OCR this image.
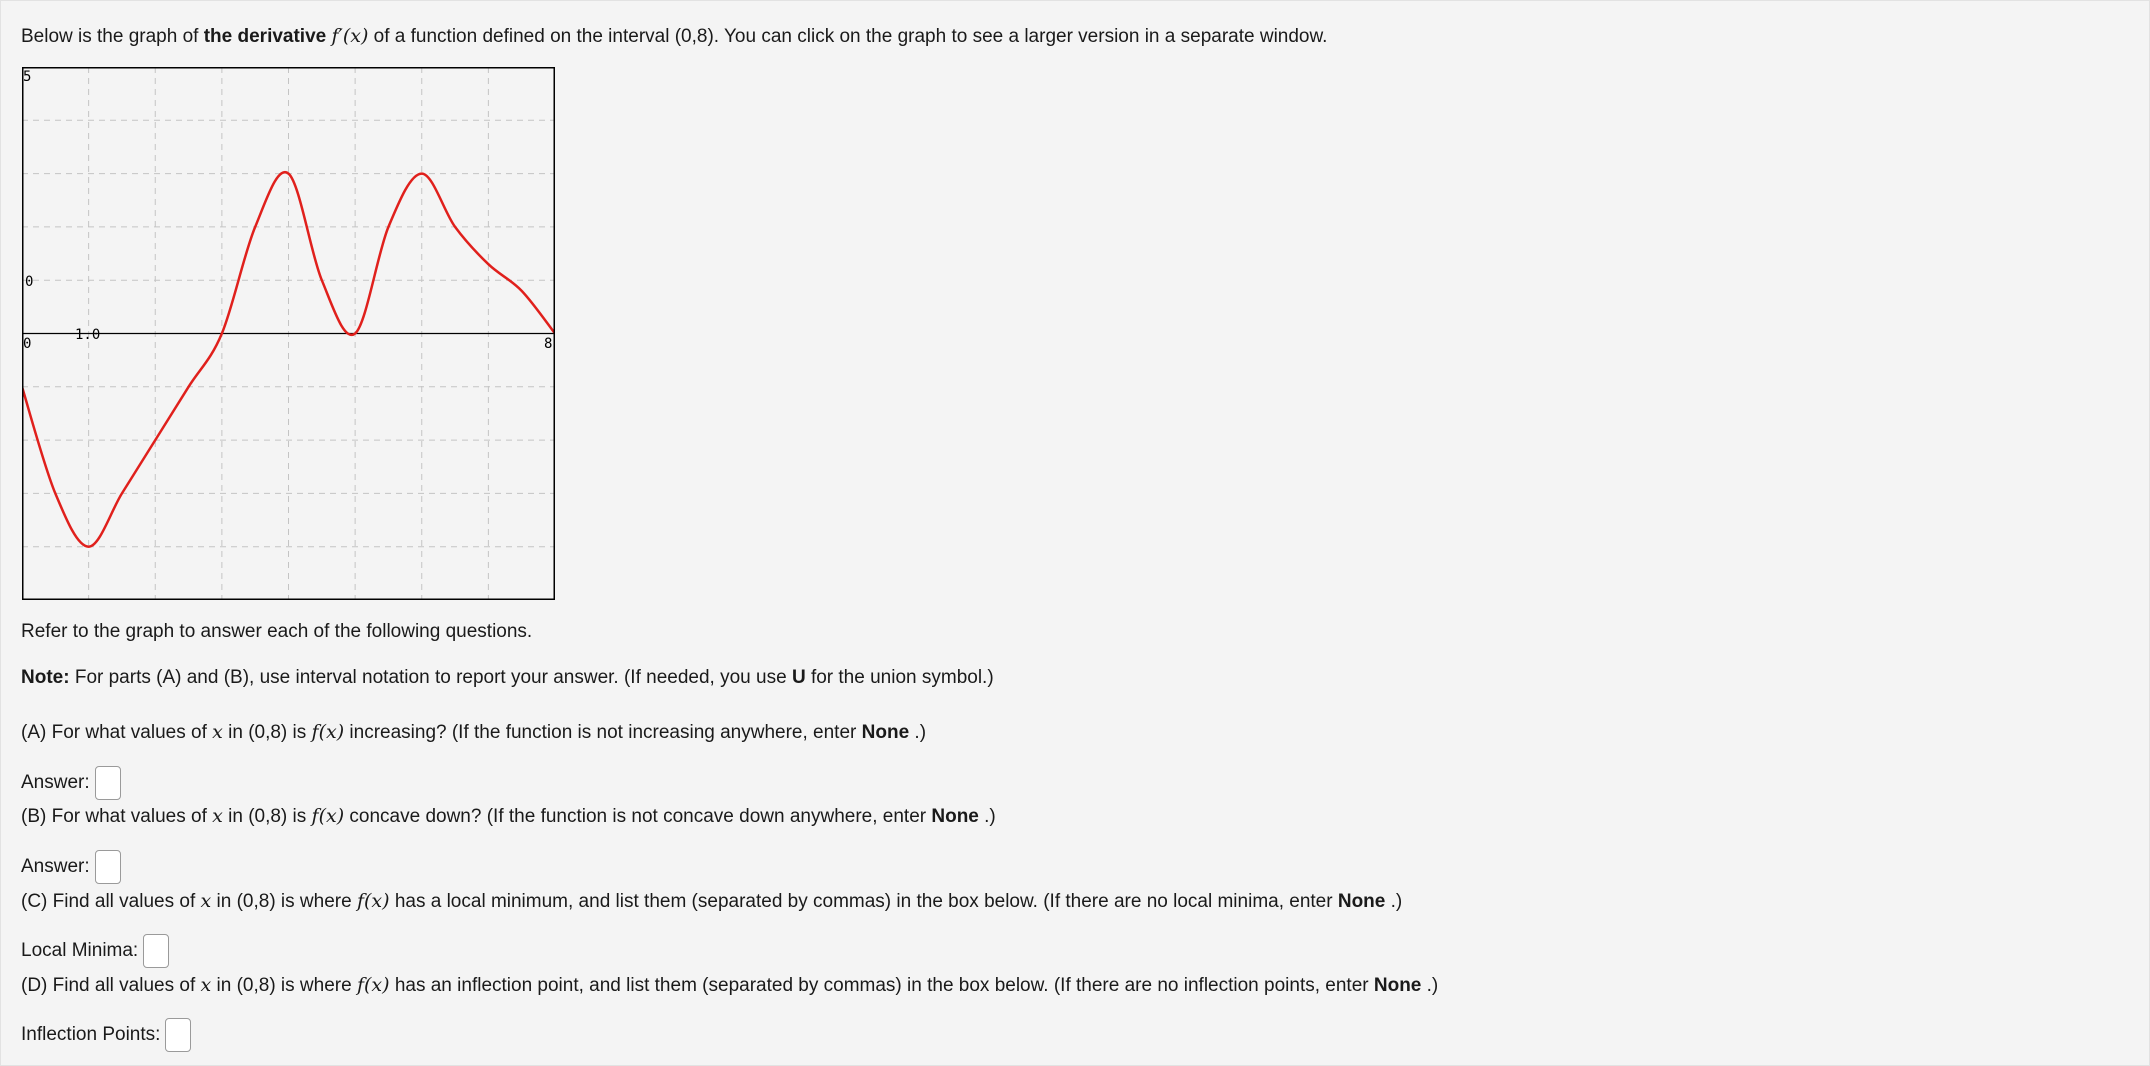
Below is the graph of the derivative f′(x) of a function defined on the interval (0,8). You can click on the graph to see a larger version in a separate window.
5
0
0
1.0
8
Refer to the graph to answer each of the following questions.
Note: For parts (A) and (B), use interval notation to report your answer. (If needed, you use U for the union symbol.)
(A) For what values of x in (0,8) is f(x) increasing? (If the function is not increasing anywhere, enter None .)
Answer:
(B) For what values of x in (0,8) is f(x) concave down? (If the function is not concave down anywhere, enter None .)
Answer:
(C) Find all values of x in (0,8) is where f(x) has a local minimum, and list them (separated by commas) in the box below. (If there are no local minima, enter None .)
Local Minima:
(D) Find all values of x in (0,8) is where f(x) has an inflection point, and list them (separated by commas) in the box below. (If there are no inflection points, enter None .)
Inflection Points:
